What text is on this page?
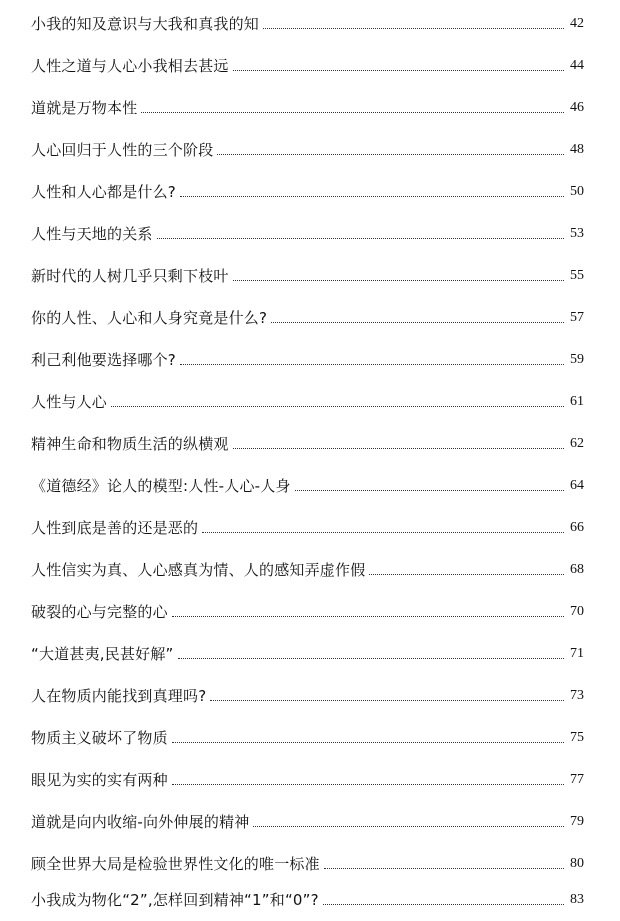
小我的知及意识与大我和真我的知	42
人性之道与人心小我相去甚远	44
道就是万物本性	46
人心回归于人性的三个阶段	48
人性和人心都是什么?	50
人性与天地的关系	53
新时代的人树几乎只剩下枝叶	55
你的人性、人心和人身究竟是什么?	57
利己利他要选择哪个?	59
人性与人心	61
精神生命和物质生活的纵横观	62
《道德经》论人的模型:人性-人心-人身	64
人性到底是善的还是恶的	66
人性信实为真、人心感真为情、人的感知弄虚作假	68
破裂的心与完整的心	70
“大道甚夷,民甚好解”	71
人在物质内能找到真理吗?	73
物质主义破坏了物质	75
眼见为实的实有两种	77
道就是向内收缩-向外伸展的精神	79
顾全世界大局是检验世界性文化的唯一标准	80
小我成为物化“2”,怎样回到精神“1”和“0”?	83
